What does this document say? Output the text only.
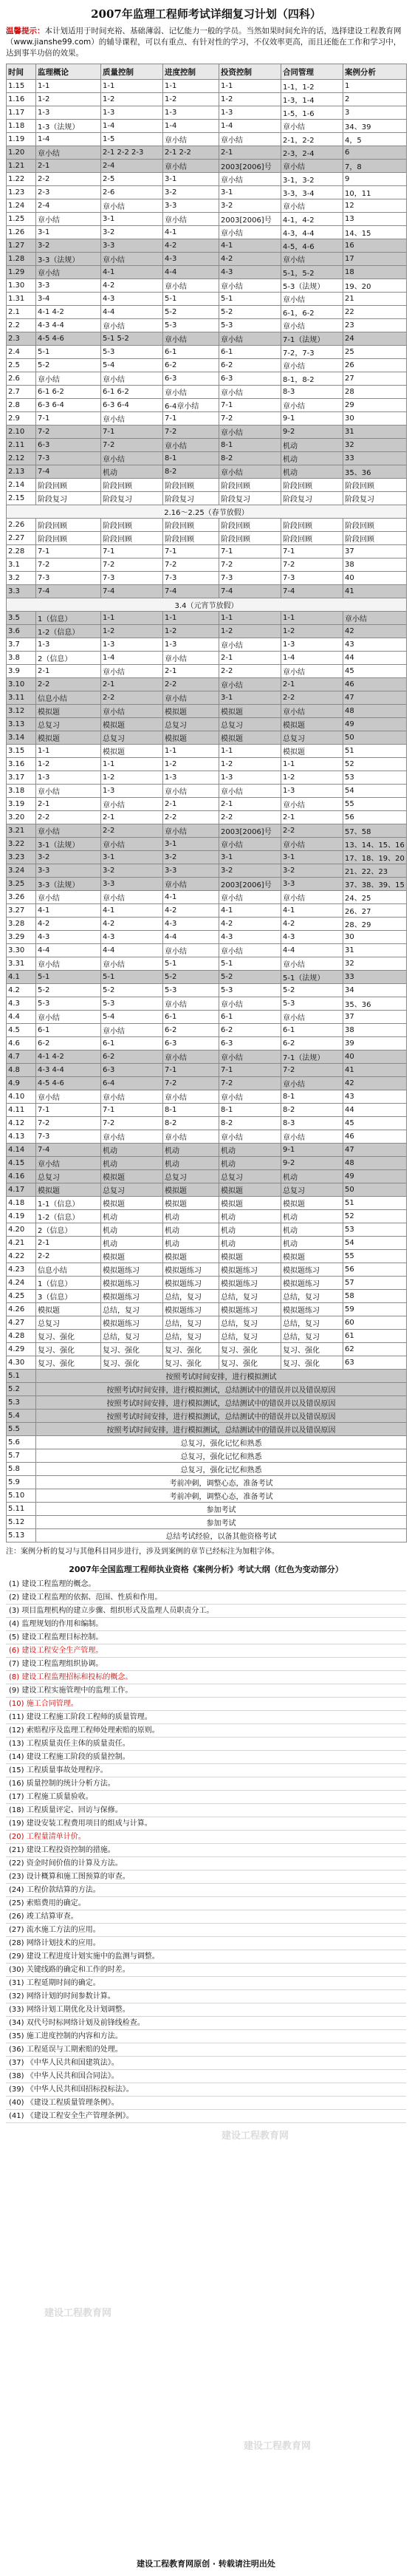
2007年监理工程师考试详细复习计划（四科）
温馨提示：本计划适用于时间充裕、基础薄弱、记忆能力一般的学员。当然如果时间允许的话，选择建设工程教育网（www.jianshe99.com）的辅导课程，可以有重点、有针对性的学习，不仅效率更高，而且还能在工作和学习中，达到事半功倍的效果。
时间	监理概论	质量控制	进度控制	投资控制	合同管理	案例分析
1.15	1-1	1-1	1-1	1-1	1-1，1-2	1
1.16	1-2	1-2	1-2	1-2	1-3，1-4	2
1.17	1-3	1-3	1-3	1-3	1-5，1-6	3
1.18	1-3（法规）	1-4	1-4	1-4	章小结	34、39
1.19	1-4	1-5	章小结	章小结	2-1，2-2	4，5
1.20	章小结	2-1 2-2 2-3	2-1 2-2	2-1	2-3，2-4	6
1.21	2-1	2-4	章小结	2003[2006]号	章小结	7，8
1.22	2-2	2-5	3-1	章小结	3-1，3-2	9
1.23	2-3	2-6	3-2	3-1	3-3，3-4	10，11
1.24	2-4	章小结	3-3	3-2	章小结	12
1.25	章小结	3-1	章小结	2003[2006]号	4-1，4-2	13
1.26	3-1	3-2	4-1	章小结	4-3，4-4	14、15
1.27	3-2	3-3	4-2	4-1	4-5，4-6	16
1.28	3-3（法规）	章小结	4-3	4-2	章小结	17
1.29	章小结	4-1	4-4	4-3	5-1，5-2	18
1.30	3-3	4-2	章小结	章小结	5-3（法规）	19、20
1.31	3-4	4-3	5-1	5-1	章小结	21
2.1	4-1 4-2	4-4	5-2	5-2	6-1，6-2	22
2.2	4-3 4-4	章小结	5-3	5-3	章小结	23
2.3	4-5 4-6	5-1 5-2	章小结	章小结	7-1（法规）	24
2.4	5-1	5-3	6-1	6-1	7-2，7-3	25
2.5	5-2	5-4	6-2	6-2	章小结	26
2.6	章小结	章小结	6-3	6-3	8-1，8-2	27
2.7	6-1 6-2	6-1 6-2	章小结	章小结	8-3	28
2.8	6-3 6-4	6-3 6-4	6-4章小结	7-1	章小结	29
2.9	7-1	章小结	7-1	7-2	9-1	30
2.10	7-2	7-1	7-2	章小结	9-2	31
2.11	6-3	7-2	章小结	8-1	机动	32
2.12	7-3	章小结	8-1	8-2	机动	33
2.13	7-4	机动	8-2	章小结	机动	35、36
2.14	阶段回顾	阶段回顾	阶段回顾	阶段回顾	阶段回顾	阶段回顾
2.15	阶段复习	阶段复习	阶段复习	阶段复习	阶段复习	阶段复习
2.16～2.25（春节放假）						
2.26	阶段回顾	阶段回顾	阶段回顾	阶段回顾	阶段回顾	阶段回顾
2.27	阶段回顾	阶段回顾	阶段回顾	阶段回顾	阶段回顾	阶段回顾
2.28	7-1	7-1	7-1	7-1	7-1	37
3.1	7-2	7-2	7-2	7-2	7-2	38
3.2	7-3	7-3	7-3	7-3	7-3	40
3.3	7-4	7-4	7-4	7-4	7-4	41
3.4（元宵节放假）						
3.5	1（信息）	1-1	1-1	1-1	1-1	章小结
3.6	1-2（信息）	1-2	1-2	1-2	1-2	42
3.7	1-3	1-3	1-3	章小结	1-3	43
3.8	2（信息）	1-4	章小结	2-1	1-4	44
3.9	2-1	章小结	2-1	2-2	章小结	45
3.10	2-2	2-1	2-2	章小结	2-1	46
3.11	信息小结	2-2	章小结	3-1	2-2	47
3.12	模拟题	章小结	模拟题	模拟题	章小结	48
3.13	总复习	模拟题	总复习	总复习	模拟题	49
3.14	模拟题	总复习	模拟题	模拟题	总复习	50
3.15	1-1	模拟题	1-1	1-1	模拟题	51
3.16	1-2	1-1	1-2	1-2	1-1	52
3.17	1-3	1-2	1-3	1-3	1-2	53
3.18	章小结	1-3	章小结	章小结	1-3	54
3.19	2-1	章小结	2-1	2-1	章小结	55
3.20	2-2	2-1	2-2	2-2	2-1	56
3.21	章小结	2-2	章小结	2003[2006]号	2-2	57、58
3.22	3-1（法规）	章小结	3-1	章小结	章小结	13、14、15、16
3.23	3-2	3-1	3-2	3-1	3-1	17、18、19、20
3.24	3-3	3-2	3-3	3-2	3-2	21、22、23
3.25	3-3（法规）	3-3	章小结	2003[2006]号	3-3	37、38、39、15
3.26	章小结	章小结	4-1	章小结	章小结	24、25
3.27	4-1	4-1	4-2	4-1	4-1	26、27
3.28	4-2	4-2	4-3	4-2	4-2	28、29
3.29	4-3	4-3	4-4	4-3	4-3	30
3.30	4-4	4-4	章小结	章小结	4-4	31
3.31	章小结	章小结	5-1	5-1	章小结	32
4.1	5-1	5-1	5-2	5-2	5-1（法规）	33
4.2	5-2	5-2	5-3	5-3	5-2	34
4.3	5-3	5-3	章小结	章小结	5-3	35、36
4.4	章小结	5-4	6-1	6-1	章小结	37
4.5	6-1	章小结	6-2	6-2	6-1	38
4.6	6-2	6-1	6-3	6-3	6-2	39
4.7	4-1 4-2	6-2	章小结	章小结	7-1（法规）	40
4.8	4-3 4-4	6-3	7-1	7-1	7-2	41
4.9	4-5 4-6	6-4	7-2	7-2	章小结	42
4.10	章小结	章小结	章小结	章小结	8-1	43
4.11	7-1	7-1	8-1	8-1	8-2	44
4.12	7-2	7-2	8-2	8-2	8-3	45
4.13	7-3	章小结	章小结	章小结	章小结	46
4.14	7-4	机动	机动	机动	9-1	47
4.15	章小结	机动	机动	机动	9-2	48
4.16	总复习	模拟题	总复习	总复习	机动	49
4.17	模拟题	总复习	模拟题	模拟题	总复习	50
4.18	1-1（信息）	模拟题	模拟题	模拟题	模拟题	51
4.19	1-2（信息）	机动	机动	机动	机动	52
4.20	2（信息）	机动	机动	机动	机动	53
4.21	2-1	机动	机动	机动	机动	54
4.22	2-2	模拟题	模拟题	模拟题	模拟题	55
4.23	信息小结	模拟题练习	模拟题练习	模拟题练习	模拟题练习	56
4.24	1（信息）	模拟题练习	模拟题练习	模拟题练习	模拟题练习	57
4.25	3（信息）	模拟题练习	总结，复习	总结，复习	总结，复习	58
4.26	模拟题	总结，复习	模拟题练习	模拟题练习	模拟题练习	59
4.27	总复习	模拟题练习	总结，复习	总结，复习	总结，复习	60
4.28	复习、强化	总结，复习	总结，复习	总结，复习	总结，复习	61
4.29	复习、强化	复习、强化	复习、强化	复习、强化	复习、强化	62
4.30	复习、强化	复习、强化	复习、强化	复习、强化	复习、强化	63
5.1	按照考试时间安排，进行模拟测试					
5.2	按照考试时间安排，进行模拟测试，总结测试中的错误并以及错误原因					
5.3	按照考试时间安排，进行模拟测试，总结测试中的错误并以及错误原因					
5.4	按照考试时间安排，进行模拟测试，总结测试中的错误并以及错误原因					
5.5	按照考试时间安排，进行模拟测试，总结测试中的错误并以及错误原因					
5.6	总复习，强化记忆和熟悉					
5.7	总复习，强化记忆和熟悉					
5.8	总复习，强化记忆和熟悉					
5.9	考前冲刺，调整心态，准备考试					
5.10	考前冲刺，调整心态，准备考试					
5.11	参加考试					
5.12	参加考试					
5.13	总结考试经验，以备其他资格考试					
注：案例分析的复习与其他科目同步进行，涉及到案例的章节已经标注为加粗字体。
2007年全国监理工程师执业资格《案例分析》考试大纲（红色为变动部分）
(1) 建设工程监理的概念。
(2) 建设工程监理的依据、范围、性质和作用。
(3) 项目监理机构的建立步骤、组织形式及监理人员职责分工。
(4) 监理规划的作用和编制。
(5) 建设工程监理目标控制。
(6) 建设工程安全生产管理。
(7) 建设工程监理组织协调。
(8) 建设工程监理招标和投标的概念。
(9) 建设工程实施管理中的监理工作。
(10) 施工合同管理。
(11) 建设工程施工阶段工程师的质量管理。
(12) 索赔程序及监理工程师处理索赔的原则。
(13) 工程质量责任主体的质量责任。
(14) 建设工程施工阶段的质量控制。
(15) 工程质量事故处理程序。
(16) 质量控制的统计分析方法。
(17) 工程施工质量验收。
(18) 工程质量评定、回访与保修。
(19) 建设安装工程费用项目的组成与计算。
(20) 工程量清单计价。
(21) 建设工程投资控制的措施。
(22) 资金时间价值的计算及方法。
(23) 设计概算和施工图预算的审查。
(24) 工程价款结算的方法。
(25) 索赔费用的确定。
(26) 竣工结算审查。
(27) 流水施工方法的应用。
(28) 网络计划技术的应用。
(29) 建设工程进度计划实施中的监测与调整。
(30) 关键线路的确定和工作的时差。
(31) 工程延期时间的确定。
(32) 网络计划的时间参数计算。
(33) 网络计划工期优化及计划调整。
(34) 双代号时标网络计划及前锋线检查。
(35) 施工进度控制的内容和方法。
(36) 工程延误与工期索赔的处理。
(37) 《中华人民共和国建筑法》。
(38) 《中华人民共和国合同法》。
(39) 《中华人民共和国招标投标法》。
(40) 《建设工程质量管理条例》。
(41) 《建设工程安全生产管理条例》。
建设工程教育网
建设工程教育网
建设工程教育网
建设工程教育网原创 · 转载请注明出处
